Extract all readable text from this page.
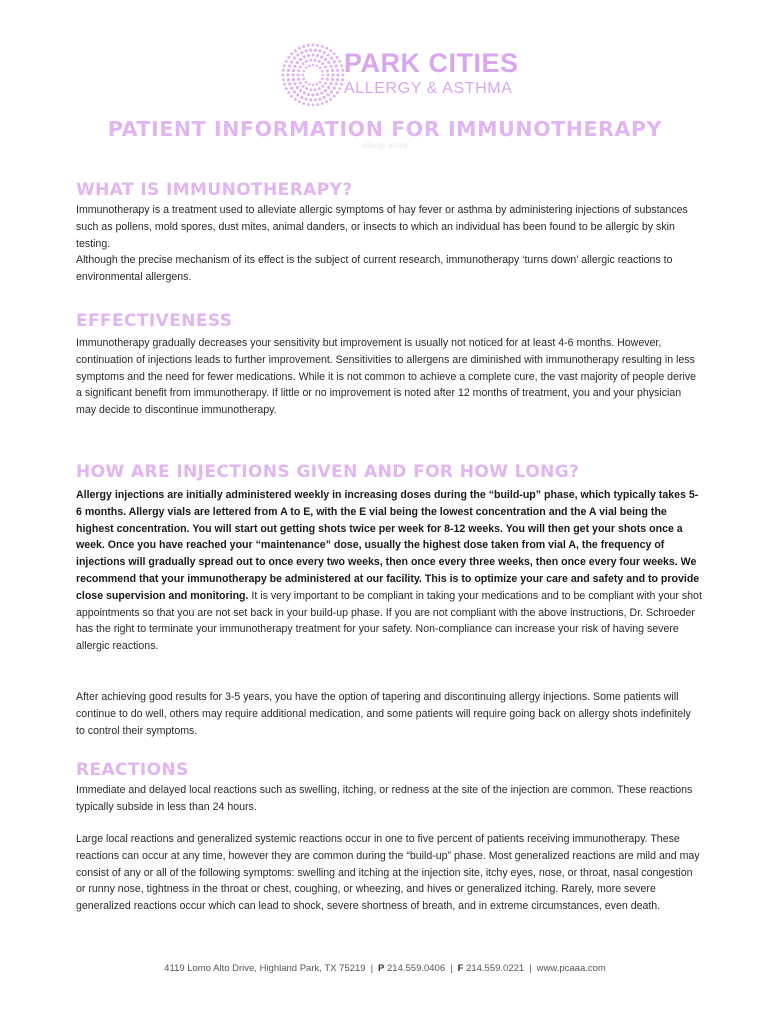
PARK CITIES
ALLERGY & ASTHMA
PATIENT INFORMATION FOR IMMUNOTHERAPY
allergy shots
WHAT IS IMMUNOTHERAPY?

Immunotherapy is a treatment used to alleviate allergic symptoms of hay fever or asthma by administering injections of substances such as pollens, mold spores, dust mites, animal danders, or insects to which an individual has been found to be allergic by skin testing.

Although the precise mechanism of its effect is the subject of current research, immunotherapy ‘turns down’ allergic reactions to environmental allergens.

EFFECTIVENESS

Immunotherapy gradually decreases your sensitivity but improvement is usually not noticed for at least 4-6 months. However, continuation of injections leads to further improvement. Sensitivities to allergens are diminished with immunotherapy resulting in less symptoms and the need for fewer medications. While it is not common to achieve a complete cure, the vast majority of people derive a significant benefit from immunotherapy. If little or no improvement is noted after 12 months of treatment, you and your physician may decide to discontinue immunotherapy.

HOW ARE INJECTIONS GIVEN AND FOR HOW LONG?

Allergy injections are initially administered weekly in increasing doses during the “build-up” phase, which typically takes 5-6 months. Allergy vials are lettered from A to E, with the E vial being the lowest concentration and the A vial being the highest concentration. You will start out getting shots twice per week for 8-12 weeks. You will then get your shots once a week. Once you have reached your “maintenance” dose, usually the highest dose taken from vial A, the frequency of injections will gradually spread out to once every two weeks, then once every three weeks, then once every four weeks. We recommend that your immunotherapy be administered at our facility. This is to optimize your care and safety and to provide close supervision and monitoring. It is very important to be compliant in taking your medications and to be compliant with your shot appointments so that you are not set back in your build-up phase. If you are not compliant with the above instructions, Dr. Schroeder has the right to terminate your immunotherapy treatment for your safety. Non-compliance can increase your risk of having severe allergic reactions.

After achieving good results for 3-5 years, you have the option of tapering and discontinuing allergy injections. Some patients will continue to do well, others may require additional medication, and some patients will require going back on allergy shots indefinitely to control their symptoms.

REACTIONS

Immediate and delayed local reactions such as swelling, itching, or redness at the site of the injection are common. These reactions typically subside in less than 24 hours.

Large local reactions and generalized systemic reactions occur in one to five percent of patients receiving immunotherapy. These reactions can occur at any time, however they are common during the “build-up” phase. Most generalized reactions are mild and may consist of any or all of the following symptoms: swelling and itching at the injection site, itchy eyes, nose, or throat, nasal congestion or runny nose, tightness in the throat or chest, coughing, or wheezing, and hives or generalized itching. Rarely, more severe generalized reactions occur which can lead to shock, severe shortness of breath, and in extreme circumstances, even death.

4119 Lomo Alto Drive, Highland Park, TX 75219 | P 214.559.0406 | F 214.559.0221 | www.pcaaa.com
